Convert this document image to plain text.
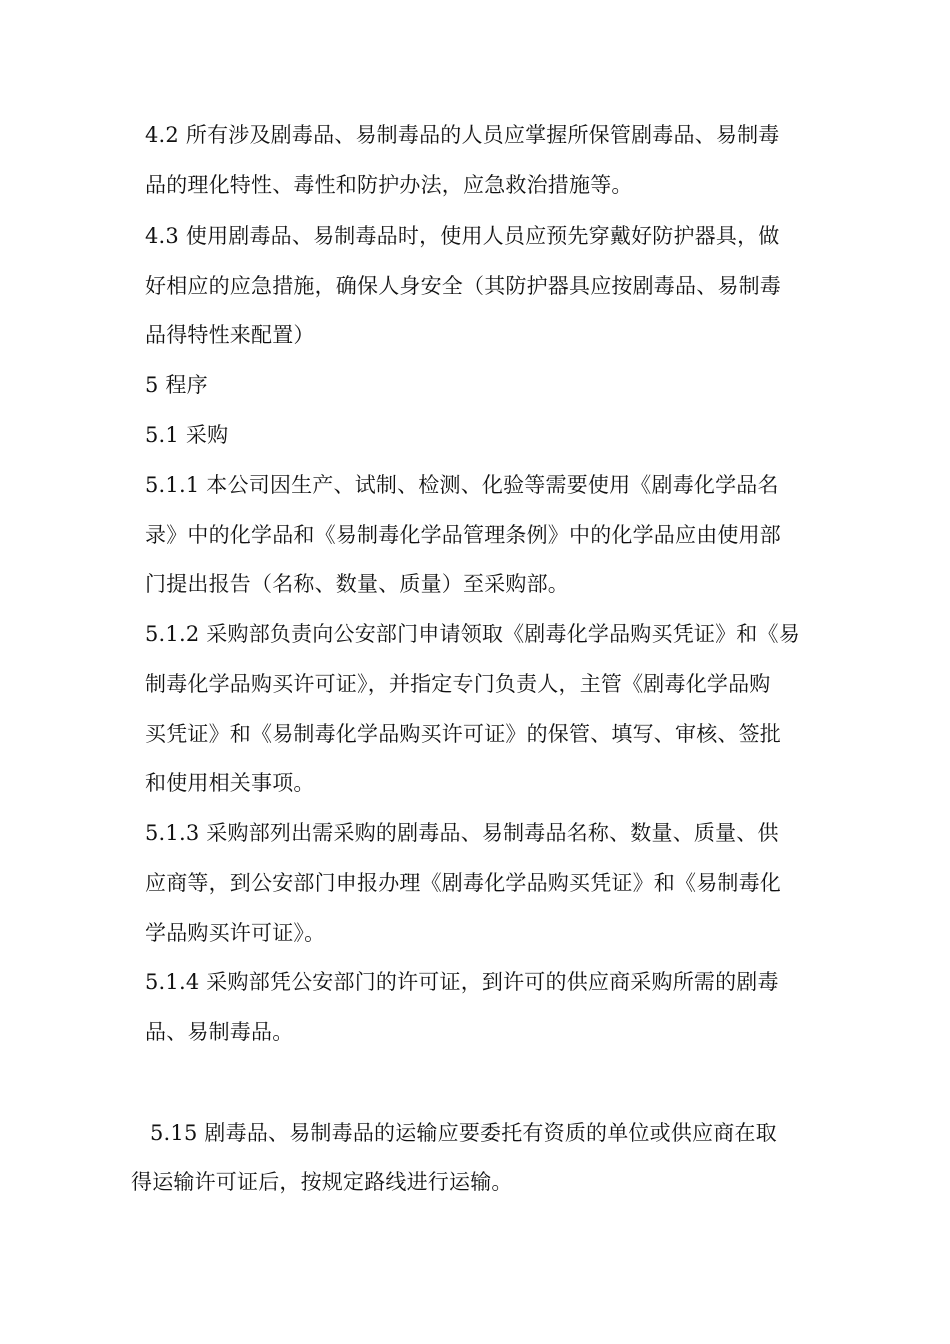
4.2 所有涉及剧毒品、易制毒品的人员应掌握所保管剧毒品、易制毒
品的理化特性、毒性和防护办法，应急救治措施等。
4.3 使用剧毒品、易制毒品时，使用人员应预先穿戴好防护器具，做
好相应的应急措施，确保人身安全（其防护器具应按剧毒品、易制毒
品得特性来配置）
5 程序
5.1 采购
5.1.1 本公司因生产、试制、检测、化验等需要使用《剧毒化学品名
录》中的化学品和《易制毒化学品管理条例》中的化学品应由使用部
门提出报告（名称、数量、质量）至采购部。
5.1.2 采购部负责向公安部门申请领取《剧毒化学品购买凭证》和《易
制毒化学品购买许可证》，并指定专门负责人，主管《剧毒化学品购
买凭证》和《易制毒化学品购买许可证》的保管、填写、审核、签批
和使用相关事项。
5.1.3 采购部列出需采购的剧毒品、易制毒品名称、数量、质量、供
应商等，到公安部门申报办理《剧毒化学品购买凭证》和《易制毒化
学品购买许可证》。
5.1.4 采购部凭公安部门的许可证，到许可的供应商采购所需的剧毒
品、易制毒品。
5.15 剧毒品、易制毒品的运输应要委托有资质的单位或供应商在取
得运输许可证后，按规定路线进行运输。
